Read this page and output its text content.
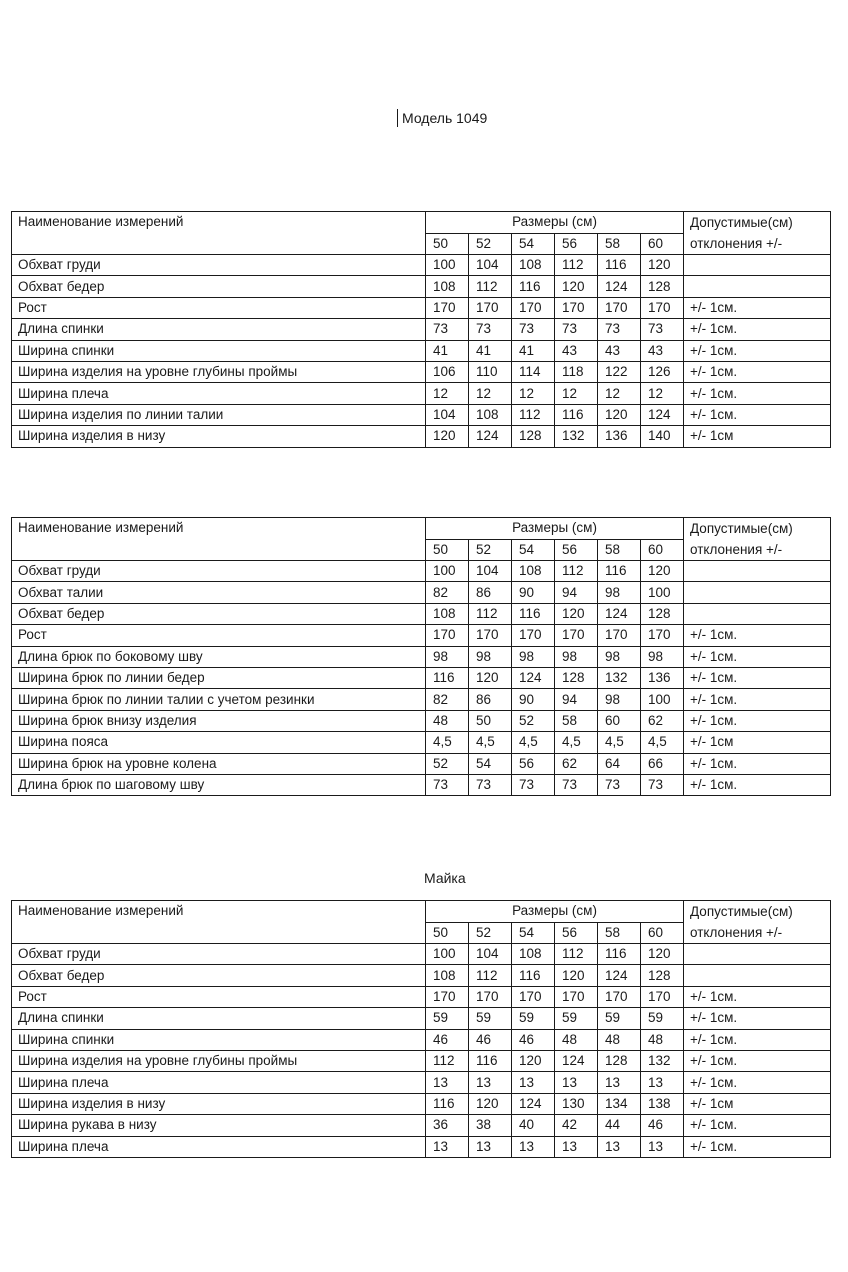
Модель 1049
Наименование измерений	Размеры (см)						Допустимые(см)
отклонения +/-

	50	52	54	56	58	60	
Обхват груди	100	104	108	112	116	120	
Обхват бедер	108	112	116	120	124	128	
Рост	170	170	170	170	170	170	+/- 1см.
Длина спинки	73	73	73	73	73	73	+/- 1см.
Ширина спинки	41	41	41	43	43	43	+/- 1см.
Ширина изделия на уровне глубины проймы	106	110	114	118	122	126	+/- 1см.
Ширина плеча	12	12	12	12	12	12	+/- 1см.
Ширина изделия по линии талии	104	108	112	116	120	124	+/- 1см.
Ширина изделия в низу	120	124	128	132	136	140	+/- 1см
Наименование измерений	Размеры (см)						Допустимые(см)
отклонения +/-

	50	52	54	56	58	60	
Обхват груди	100	104	108	112	116	120	
Обхват талии	82	86	90	94	98	100	
Обхват бедер	108	112	116	120	124	128	
Рост	170	170	170	170	170	170	+/- 1см.
Длина брюк по боковому шву	98	98	98	98	98	98	+/- 1см.
Ширина брюк по линии бедер	116	120	124	128	132	136	+/- 1см.
Ширина брюк по линии талии с учетом резинки	82	86	90	94	98	100	+/- 1см.
Ширина брюк внизу изделия	48	50	52	58	60	62	+/- 1см.
Ширина пояса	4,5	4,5	4,5	4,5	4,5	4,5	+/- 1см
Ширина брюк на уровне колена	52	54	56	62	64	66	+/- 1см.
Длина брюк по шаговому шву	73	73	73	73	73	73	+/- 1см.
Майка
Наименование измерений	Размеры (см)						Допустимые(см)
отклонения +/-

	50	52	54	56	58	60	
Обхват груди	100	104	108	112	116	120	
Обхват бедер	108	112	116	120	124	128	
Рост	170	170	170	170	170	170	+/- 1см.
Длина спинки	59	59	59	59	59	59	+/- 1см.
Ширина спинки	46	46	46	48	48	48	+/- 1см.
Ширина изделия на уровне глубины проймы	112	116	120	124	128	132	+/- 1см.
Ширина плеча	13	13	13	13	13	13	+/- 1см.
Ширина изделия в низу	116	120	124	130	134	138	+/- 1см
Ширина рукава в низу	36	38	40	42	44	46	+/- 1см.
Ширина плеча	13	13	13	13	13	13	+/- 1см.
